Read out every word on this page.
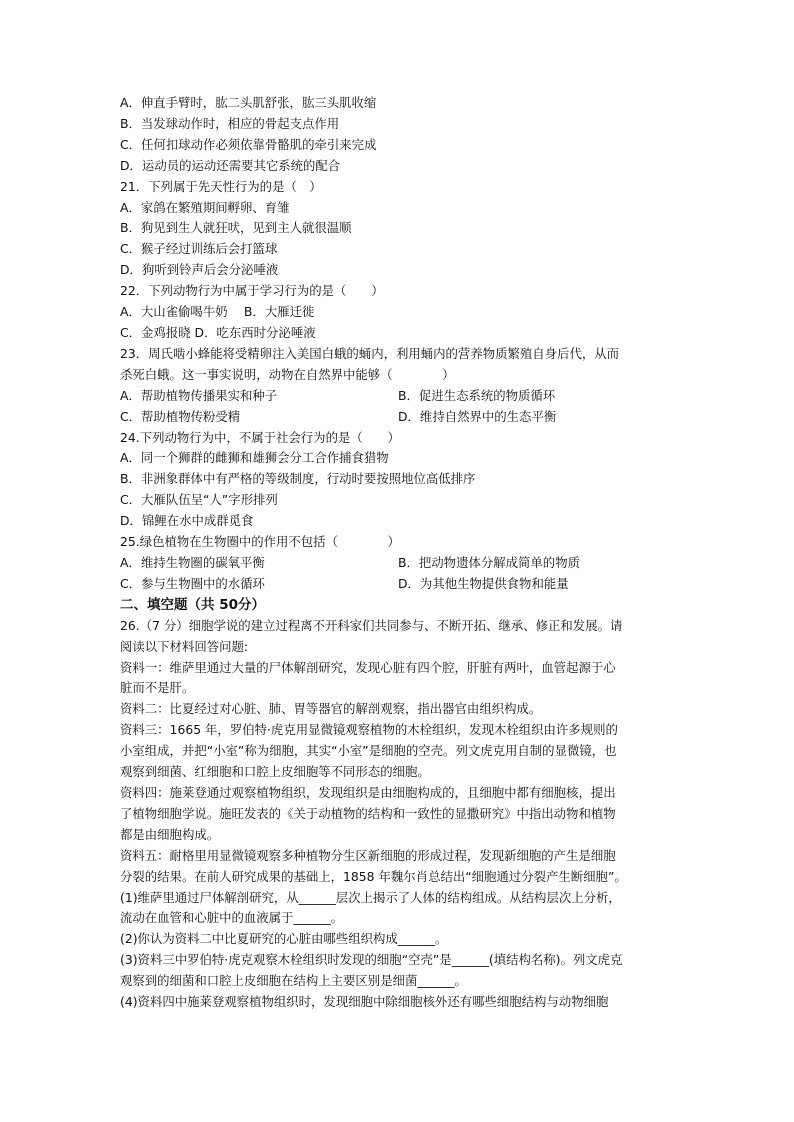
A．伸直手臂时，肱二头肌舒张，肱三头肌收缩
B．当发球动作时，相应的骨起支点作用
C．任何扣球动作必须依靠骨骼肌的牵引来完成
D．运动员的运动还需要其它系统的配合
21．下列属于先天性行为的是（　）
A．家鸽在繁殖期间孵卵、育雏
B．狗见到生人就狂吠，见到主人就很温顺
C．猴子经过训练后会打篮球
D．狗听到铃声后会分泌唾液
22．下列动物行为中属于学习行为的是（　　）
A．大山雀偷喝牛奶　 B．大雁迁徙
C．金鸡报晓 D．吃东西时分泌唾液
23．周氏啮小蜂能将受精卵注入美国白蛾的蛹内，利用蛹内的营养物质繁殖自身后代，从而
杀死白蛾。这一事实说明，动物在自然界中能够（　　　　）
A．帮助植物传播果实和种子	B．促进生态系统的物质循环
C．帮助植物传粉受精	D．维持自然界中的生态平衡
24.下列动物行为中，不属于社会行为的是（　　）
A．同一个狮群的雌狮和雄狮会分工合作捕食猎物
B．非洲象群体中有严格的等级制度，行动时要按照地位高低排序
C．大雁队伍呈“人”字形排列
D．锦鲤在水中成群觅食
25.绿色植物在生物圈中的作用不包括（　　　　）
A．维持生物圈的碳氧平衡	B．把动物遗体分解成简单的物质
C．参与生物圈中的水循环	D．为其他生物提供食物和能量
二、填空题（共 50分）
26.（7 分）细胞学说的建立过程离不开科家们共同参与、不断开拓、继承、修正和发展。请
阅读以下材料回答问题:
资料一：维萨里通过大量的尸体解剖研究，发现心脏有四个腔，肝脏有两叶，血管起源于心
脏而不是肝。
资料二：比夏经过对心脏、肺、胃等器官的解剖观察，指出器官由组织构成。
资料三：1665 年，罗伯特·虎克用显微镜观察植物的木栓组织，发现木栓组织由许多规则的
小室组成，并把“小室”称为细胞，其实“小室”是细胞的空壳。列文虎克用自制的显微镜，也
观察到细菌、红细胞和口腔上皮细胞等不同形态的细胞。
资料四：施莱登通过观察植物组织，发现组织是由细胞构成的，且细胞中都有细胞核，提出
了植物细胞学说。施旺发表的《关于动植物的结构和一致性的显撒研究》中指出动物和植物
都是由细胞构成。
资料五：耐格里用显微镜观察多种植物分生区新细胞的形成过程，发现新细胞的产生是细胞
分裂的结果。在前人研究成果的基础上，1858 年魏尔肖总结出“细胞通过分裂产生断细胞”。
(1)维萨里通过尸体解剖研究，从______层次上揭示了人体的结构组成。从结构层次上分析，
流动在血管和心脏中的血液属于______。
(2)你认为资料二中比夏研究的心脏由哪些组织构成______。
(3)资料三中罗伯特·虎克观察木栓组织时发现的细胞“空壳”是______(填结构名称)。列文虎克
观察到的细菌和口腔上皮细胞在结构上主要区别是细菌______。
(4)资料四中施莱登观察植物组织时，发现细胞中除细胞核外还有哪些细胞结构与动物细胞
